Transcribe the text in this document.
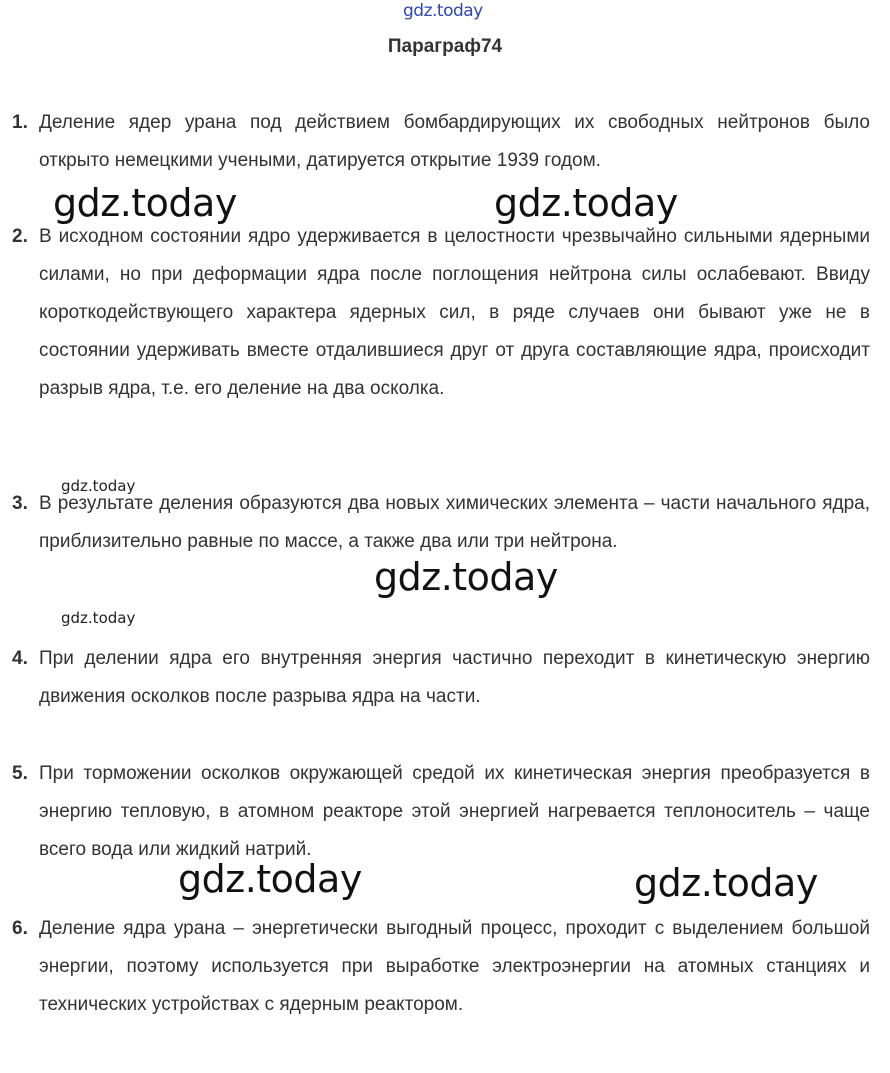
gdz.today
Параграф74
1. Деление ядер урана под действием бомбардирующих их свободных нейтронов было открыто немецкими учеными, датируется открытие 1939 годом.
2. В исходном состоянии ядро удерживается в целостности чрезвычайно сильными ядерными силами, но при деформации ядра после поглощения нейтрона силы ослабевают. Ввиду короткодействующего характера ядерных сил, в ряде случаев они бывают уже не в состоянии удерживать вместе отдалившиеся друг от друга составляющие ядра, происходит разрыв ядра, т.е. его деление на два осколка.
3. В результате деления образуются два новых химических элемента – части начального ядра, приблизительно равные по массе, а также два или три нейтрона.
4. При делении ядра его внутренняя энергия частично переходит в кинетическую энергию движения осколков после разрыва ядра на части.
5. При торможении осколков окружающей средой их кинетическая энергия преобразуется в энергию тепловую, в атомном реакторе этой энергией нагревается теплоноситель – чаще всего вода или жидкий натрий.
6. Деление ядра урана – энергетически выгодный процесс, проходит с выделением большой энергии, поэтому используется при выработке электроэнергии на атомных станциях и технических устройствах с ядерным реактором.
gdz.today	gdz.today
gdz.today
gdz.today
gdz.today
gdz.today	gdz.today
